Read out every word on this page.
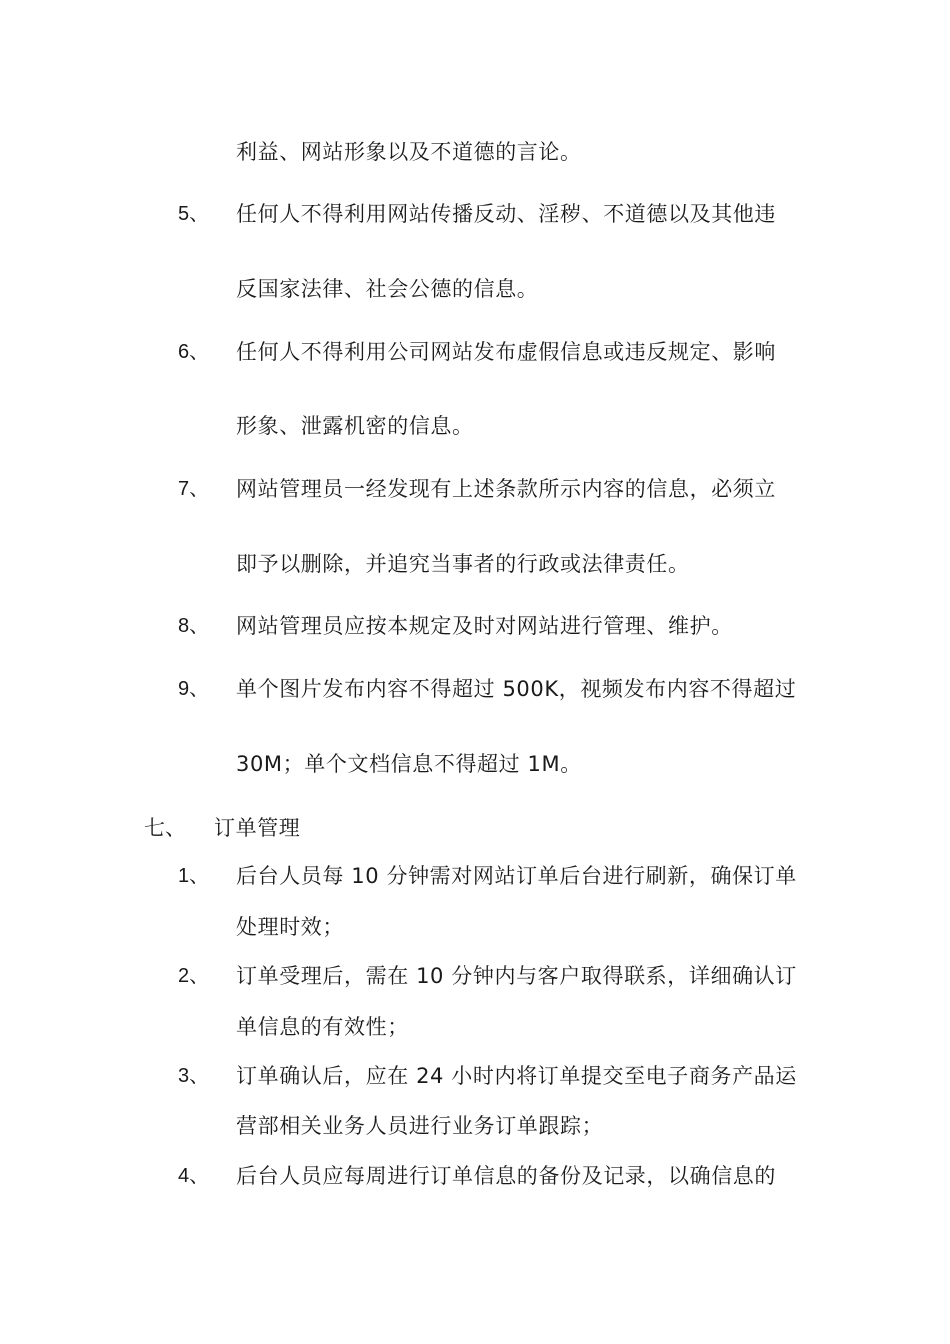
利益、网站形象以及不道德的言论。
5、 任何人不得利用网站传播反动、淫秽、不道德以及其他违
反国家法律、社会公德的信息。
6、 任何人不得利用公司网站发布虚假信息或违反规定、影响
形象、泄露机密的信息。
7、 网站管理员一经发现有上述条款所示内容的信息，必须立
即予以删除，并追究当事者的行政或法律责任。
8、 网站管理员应按本规定及时对网站进行管理、维护。
9、 单个图片发布内容不得超过 500K，视频发布内容不得超过
30M；单个文档信息不得超过 1M。
七、 订单管理
1、 后台人员每 10 分钟需对网站订单后台进行刷新，确保订单
处理时效；
2、 订单受理后，需在 10 分钟内与客户取得联系，详细确认订
单信息的有效性；
3、 订单确认后，应在 24 小时内将订单提交至电子商务产品运
营部相关业务人员进行业务订单跟踪；
4、 后台人员应每周进行订单信息的备份及记录，以确信息的
